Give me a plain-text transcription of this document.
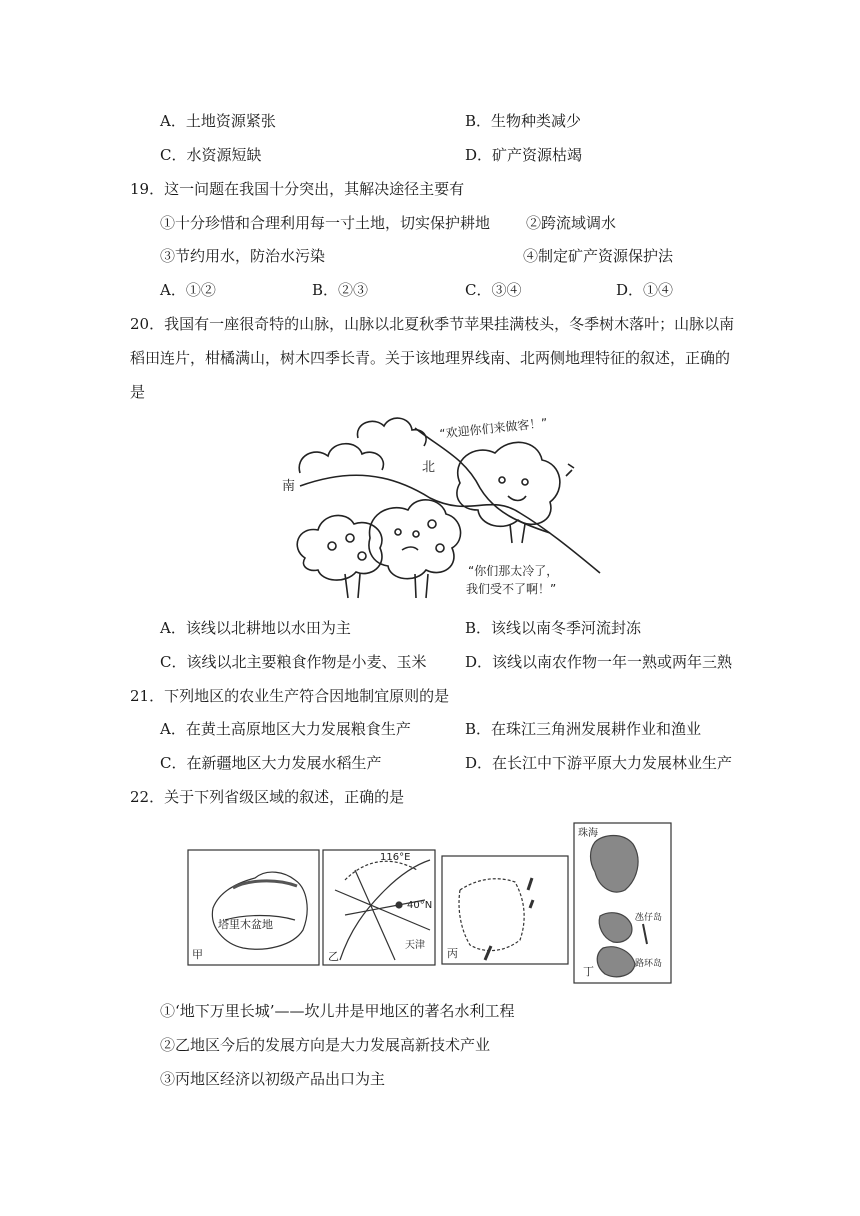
A．土地资源紧张	B．生物种类减少
C．水资源短缺	D．矿产资源枯竭
19．这一问题在我国十分突出，其解决途径主要有
①十分珍惜和合理利用每一寸土地，切实保护耕地 ②跨流域调水
③节约用水，防治水污染	④制定矿产资源保护法
A．①②	B．②③	C．③④	D．①④
20．我国有一座很奇特的山脉，山脉以北夏秋季节苹果挂满枝头，冬季树木落叶；山脉以南
稻田连片，柑橘满山，树木四季长青。关于该地理界线南、北两侧地理特征的叙述，正确的
是
“欢迎你们来做客！”
北
南
“你们那太冷了，
我们受不了啊！”
A．该线以北耕地以水田为主	B．该线以南冬季河流封冻
C．该线以北主要粮食作物是小麦、玉米	D．该线以南农作物一年一熟或两年三熟
21．下列地区的农业生产符合因地制宜原则的是
A．在黄土高原地区大力发展粮食生产	B．在珠江三角洲发展耕作业和渔业
C．在新疆地区大力发展水稻生产	D．在长江中下游平原大力发展林业生产
22．关于下列省级区域的叙述，正确的是
塔里木盆地
甲
116°E
40°N
天津
乙	丙
珠海
氹仔岛
路环岛
丁
①‘地下万里长城’——坎儿井是甲地区的著名水利工程
②乙地区今后的发展方向是大力发展高新技术产业
③丙地区经济以初级产品出口为主
